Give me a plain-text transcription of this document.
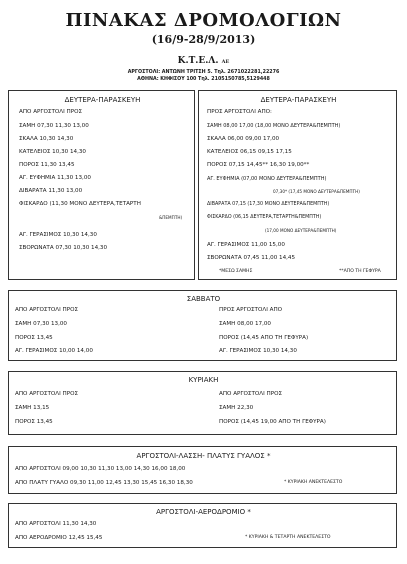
ΠΙΝΑΚΑΣ ΔΡΟΜΟΛΟΓΙΩΝ
(16/9-28/9/2013)
Κ.Τ.Ε.Λ. ΑΕ
ΑΡΓΟΣΤΟΛΙ: ΑΝΤΩΝΗ ΤΡΙΤΣΗ 5. Τηλ. 2671022281,22276
ΑΘΗΝΑ: ΚΗΦΙΣΟΥ 100 Τηλ. 2105150785,5129448
ΔΕΥΤΕΡΑ-ΠΑΡΑΣΚΕΥΗ
ΑΠΟ ΑΡΓΟΣΤΟΛΙ ΠΡΟΣ
ΣΑΜΗ 07,30 11,30 13,00
ΣΚΑΛΑ 10,30 14,30
ΚΑΤΕΛΕΙΟΣ 10,30 14,30
ΠΟΡΟΣ 11,30 13,45
ΑΓ. ΕΥΦΗΜΙΑ 11,30 13,00
ΔΙΒΑΡΑΤΑ 11,30 13,00
ΦΙΣΚΑΡΔΟ (11,30 ΜΟΝΟ ΔΕΥΤΕΡΑ,ΤΕΤΑΡΤΗ
&ΠΕΜΠΤΗ)
ΑΓ. ΓΕΡΑΣΙΜΟΣ 10,30 14,30
ΣΒΟΡΩΝΑΤΑ 07,30 10,30 14,30
ΔΕΥΤΕΡΑ-ΠΑΡΑΣΚΕΥΗ
ΠΡΟΣ ΑΡΓΟΣΤΟΛΙ ΑΠΟ:
ΣΑΜΗ 08,00 17,00 (18,00 ΜΟΝΟ ΔΕΥΤΕΡΑ&ΠΕΜΠΤΗ)
ΣΚΑΛΑ 06,00 09,00 17,00
ΚΑΤΕΛΕΙΟΣ 06,15 09,15 17,15
ΠΟΡΟΣ 07,15 14,45** 16,30 19,00**
ΑΓ. ΕΥΦΗΜΙΑ (07,00 ΜΟΝΟ ΔΕΥΤΕΡΑ&ΠΕΜΠΤΗ)
07,30* (17,45 ΜΟΝΟ ΔΕΥΤΕΡΑ&ΠΕΜΠΤΗ)
ΔΙΒΑΡΑΤΑ 07,15 (17,30 ΜΟΝΟ ΔΕΥΤΕΡΑ&ΠΕΜΠΤΗ)
ΦΙΣΚΑΡΔΟ (06,15 ΔΕΥΤΕΡΑ,ΤΕΤΑΡΤΗ&ΠΕΜΠΤΗ)
(17,00 ΜΟΝΟ ΔΕΥΤΕΡΑ&ΠΕΜΠΤΗ)
ΑΓ. ΓΕΡΑΣΙΜΟΣ 11,00 15,00
ΣΒΟΡΩΝΑΤΑ 07,45 11,00 14,45
*ΜΕΣΩ ΣΑΜΗΣ	**ΑΠΟ ΤΗ ΓΕΦΥΡΑ
ΣΑΒΒΑΤΟ
ΑΠΟ ΑΡΓΟΣΤΟΛΙ ΠΡΟΣ
ΣΑΜΗ 07,30 13,00
ΠΟΡΟΣ 13,45
ΑΓ. ΓΕΡΑΣΙΜΟΣ 10,00 14,00
ΠΡΟΣ ΑΡΓΟΣΤΟΛΙ ΑΠΟ
ΣΑΜΗ 08,00 17,00
ΠΟΡΟΣ (14,45 ΑΠΟ ΤΗ ΓΕΦΥΡΑ)
ΑΓ. ΓΕΡΑΣΙΜΟΣ 10,30 14,30
ΚΥΡΙΑΚΗ
ΑΠΟ ΑΡΓΟΣΤΟΛΙ ΠΡΟΣ
ΣΑΜΗ 13,15
ΠΟΡΟΣ 13,45
ΑΠΟ ΑΡΓΟΣΤΟΛΙ ΠΡΟΣ
ΣΑΜΗ 22,30
ΠΟΡΟΣ (14,45 19,00 ΑΠΟ ΤΗ ΓΕΦΥΡΑ)
ΑΡΓΟΣΤΟΛΙ-ΛΑΣΣΗ- ΠΛΑΤΥΣ ΓΥΑΛΟΣ *
ΑΠΟ ΑΡΓΟΣΤΟΛΙ 09,00 10,30 11,30 13,00 14,30 16,00 18,00
ΑΠΟ ΠΛΑΤΥ ΓΥΑΛΟ 09,30 11,00 12,45 13,30 15,45 16,30 18,30	* ΚΥΡΙΑΚΗ ΑΝΕΚΤΕΛΕΣΤΟ
ΑΡΓΟΣΤΟΛΙ-ΑΕΡΟΔΡΟΜΙΟ *
ΑΠΟ ΑΡΓΟΣΤΟΛΙ 11,30 14,30
ΑΠΟ ΑΕΡΟΔΡΟΜΙΟ 12,45 15,45	* ΚΥΡΙΑΚΗ & ΤΕΤΑΡΤΗ ΑΝΕΚΤΕΛΕΣΤΟ
